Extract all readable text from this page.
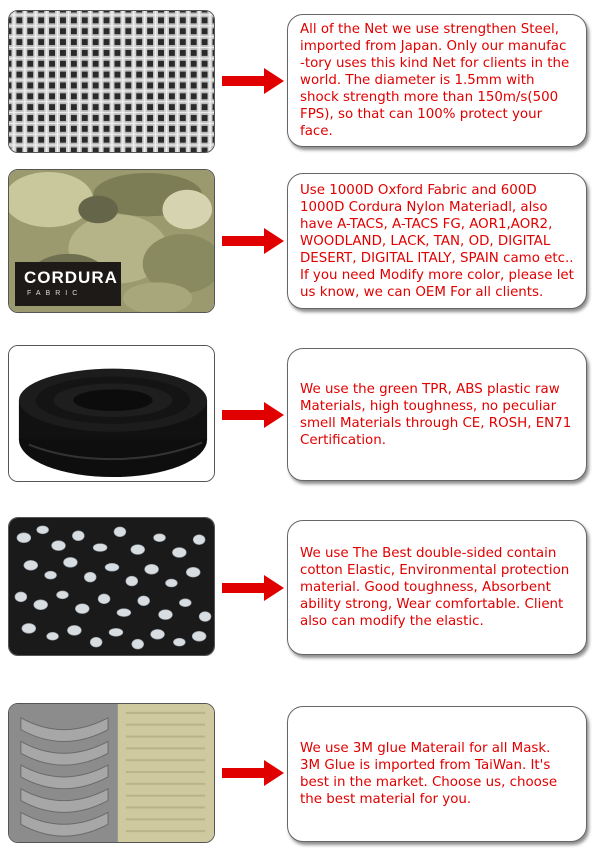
All of the Net we use strengthen Steel, imported from Japan. Only our manufac -tory uses this kind Net for clients in the world. The diameter is 1.5mm with shock strength more than 150m/s(500 FPS), so that can 100% protect your face.

CORDURA
FABRIC

Use 1000D Oxford Fabric and 600D 1000D Cordura Nylon Materiadl, also have A-TACS, A-TACS FG, AOR1,AOR2, WOODLAND, LACK, TAN, OD, DIGITAL DESERT, DIGITAL ITALY, SPAIN camo etc.. If you need Modify more color, please let us know, we can OEM For all clients.

We use the green TPR, ABS plastic raw Materials, high toughness, no peculiar smell Materials through CE, ROSH, EN71 Certification.

We use The Best double-sided contain cotton Elastic, Environmental protection material. Good toughness, Absorbent ability strong, Wear comfortable. Client also can modify the elastic.

We use 3M glue Materail for all Mask. 3M Glue is imported from TaiWan. It's best in the market. Choose us, choose the best material for you.
